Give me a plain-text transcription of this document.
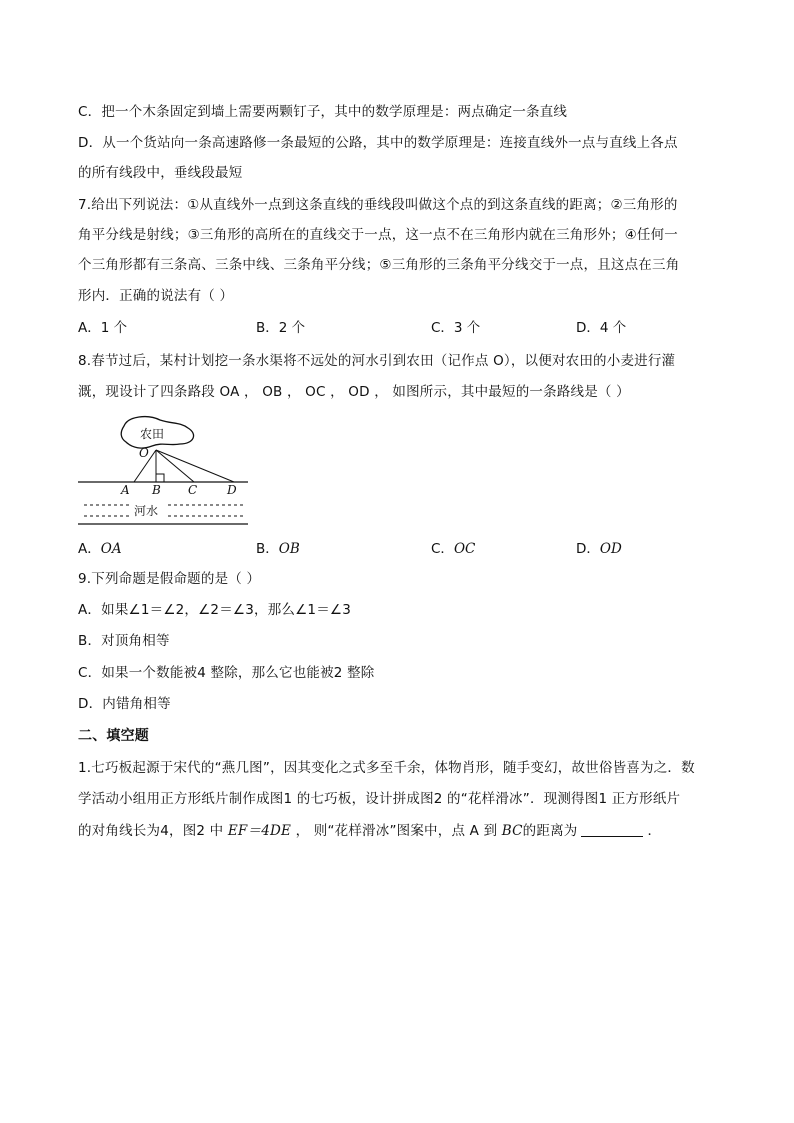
C．把一个木条固定到墙上需要两颗钉子，其中的数学原理是：两点确定一条直线
D．从一个货站向一条高速路修一条最短的公路，其中的数学原理是：连接直线外一点与直线上各点
的所有线段中，垂线段最短
7.给出下列说法：①从直线外一点到这条直线的垂线段叫做这个点的到这条直线的距离；②三角形的
角平分线是射线；③三角形的高所在的直线交于一点，这一点不在三角形内就在三角形外；④任何一
个三角形都有三条高、三条中线、三条角平分线；⑤三角形的三条角平分线交于一点，且这点在三角
形内．正确的说法有（ ）
A．1 个	B．2 个	C．3 个	D．4 个
8.春节过后，某村计划挖一条水渠将不远处的河水引到农田（记作点 O），以便对农田的小麦进行灌
溉，现设计了四条路段 OA ， OB ， OC ， OD ， 如图所示，其中最短的一条路线是（ ）
农田
O
A B C D
河水
A．OA	B．OB	C．OC	D．OD
9.下列命题是假命题的是（ ）
A．如果∠1＝∠2，∠2＝∠3，那么∠1＝∠3
B．对顶角相等
C．如果一个数能被4 整除，那么它也能被2 整除
D．内错角相等
二、填空题
1.七巧板起源于宋代的“燕几图”，因其变化之式多至千余，体物肖形，随手变幻，故世俗皆喜为之．数
学活动小组用正方形纸片制作成图1 的七巧板，设计拼成图2 的“花样滑冰”．现测得图1 正方形纸片
的对角线长为4，图2 中 EF＝4DE ， 则“花样滑冰”图案中，点 A 到 BC的距离为	．
